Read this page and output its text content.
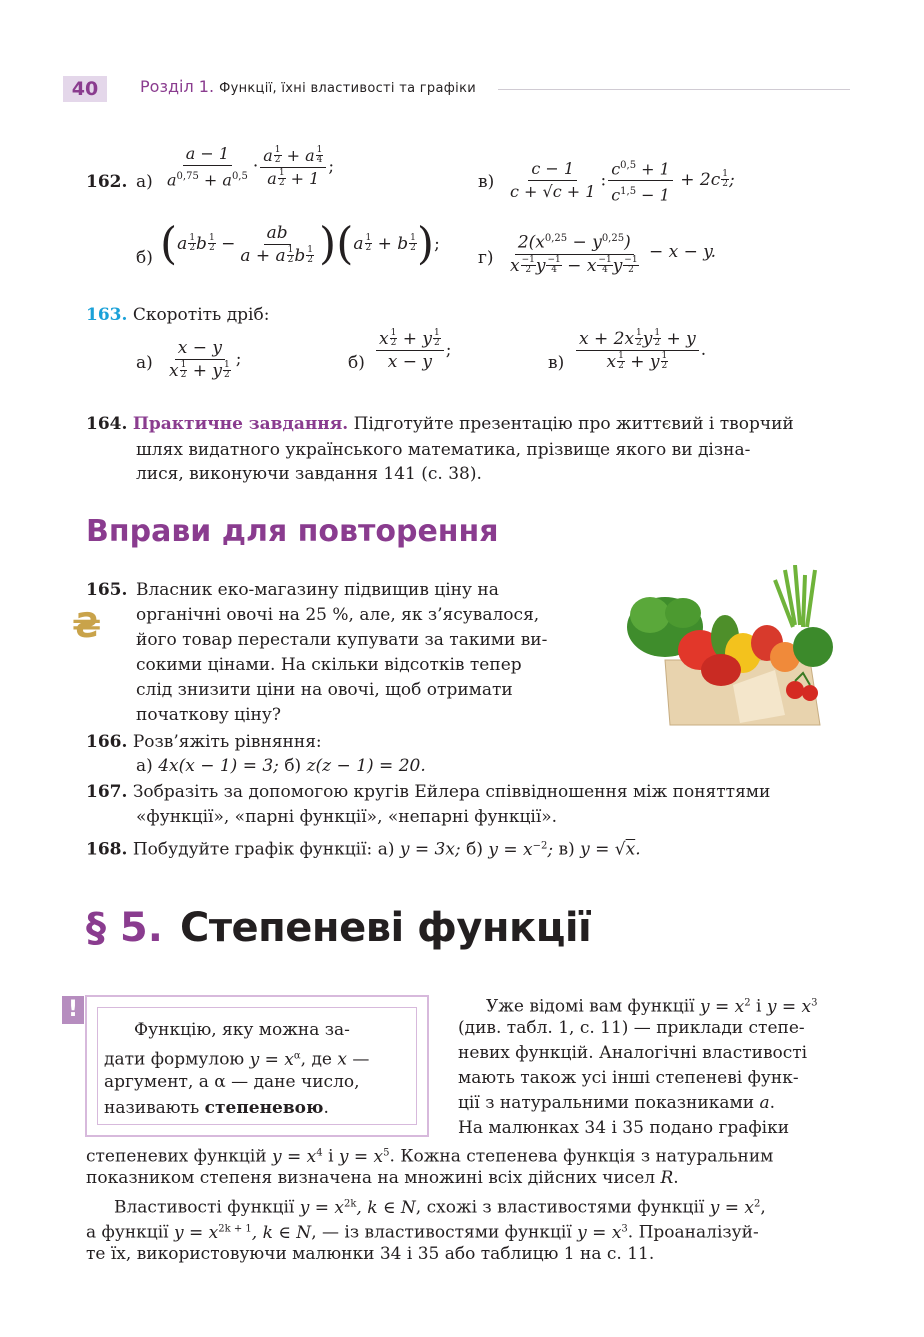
40	Розділ 1. Функції, їхні властивості та графіки
162. $а) \frac{a - 1}{a^{0,75} + a^{0,5}} \cdot \frac{a \frac{1}{2} + a \frac{1}{4}}{a \frac{1}{2} + 1}$ ;
$в) \frac{c - 1}{c + √c + 1}$ : $\frac{c^{0,5} + 1}{c^{1,5} - 1} + 2c \frac{1}{2}$ ;
б) ($a \frac{1}{2}$ b $\frac{1}{2} - \frac{ab}{a + a \frac{1}{2} b \frac{1}{2}} )(a \frac{1}{2} + b \frac{1}{2}$ );
$г) \frac{2(x^{0,25} - y^{0,25})}{x \frac{-1}{2} y \frac{-1}{4} - x \frac{-1}{4} y \frac{-1}{2}} - x - y$.
163. Скоротіть дріб:
$а) \frac{x - y}{x \frac{1}{2} + y \frac{1}{2}}$ ;	$б) \frac{x \frac{1}{2} + y \frac{1}{2}}{x - y}$ ;
$в) \frac{x + 2x \frac{1}{2} y \frac{1}{2} + y}{x \frac{1}{2} + y \frac{1}{2}}$ .
164. Практичне завдання. Підготуйте презентацію про життєвий і творчий
шлях видатного українського математика, прізвище якого ви дізна-
лися, виконуючи завдання 141 (с. 38).
Вправи для повторення
165.
₴
Власник еко-магазину підвищив ціну на
органічні овочі на 25 %, але, як з’ясувалося,
його товар перестали купувати за такими ви-
сокими цінами. На скільки відсотків тепер
слід знизити ціни на овочі, щоб отримати
початкову ціну?
166. Розв’яжіть рівняння:
а) 4x(x − 1) = 3; б) z(z − 1) = 20.
167. Зобразіть за допомогою кругів Ейлера співвідношення між поняттями
«функції», «парні функції», «непарні функції».
168. Побудуйте графік функції: а) y = 3x; б) $y = x^{-2}$; в) y = √x.
§ 5. Степеневі функції
!
Функцію, яку можна за-
дати формулою $y = x^\alpha$, де x —
аргумент, а α — дане число,
називають степеневою.
Уже відомі вам функції $y = x^2$ і $y = x^3$
(див. табл. 1, с. 11) — приклади степе-
невих функцій. Аналогічні властивості
мають також усі інші степеневі функ-
ції з натуральними показниками a.
На малюнках 34 і 35 подано графіки
степеневих функцій $y = x^4$ і $y = x^5$. Кожна степенева функція з натуральним
показником степеня визначена на множині всіх дійсних чисел R.
Властивості функції $y = x^{2k}$, k ∈ N, схожі з властивостями функції $y = x^2$,
а функції $y = x^{2k + 1}$, k ∈ N, — із властивостями функції $y = x^3$. Проаналізуй-
те їх, використовуючи малюнки 34 і 35 або таблицю 1 на с. 11.
